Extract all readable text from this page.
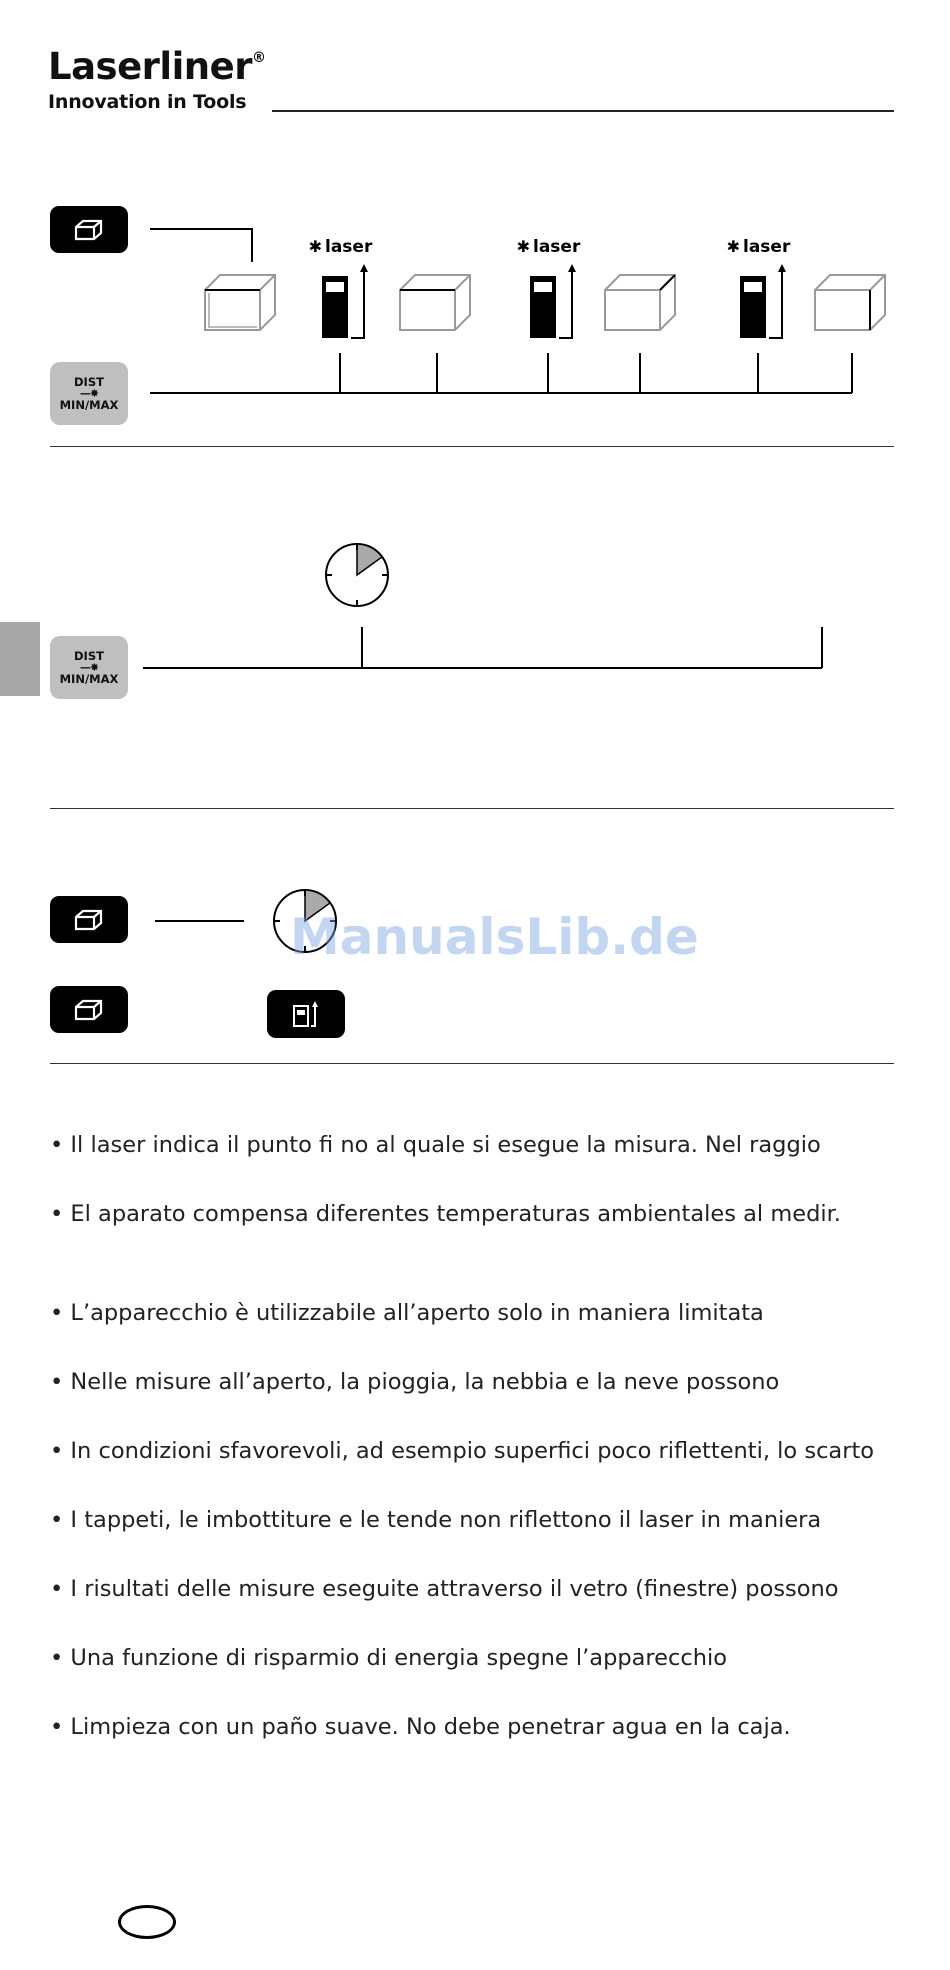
Laserliner®
Innovation in Tools
DIST
—✸
MIN/MAX
laser	laser	laser
✱	✱	✱
DIST
—✸
MIN/MAX
ManualsLib.de
• Il laser indica il punto fi no al quale si esegue la misura. Nel raggio
• El aparato compensa diferentes temperaturas ambientales al medir.
• L’apparecchio è utilizzabile all’aperto solo in maniera limitata
• Nelle misure all’aperto, la pioggia, la nebbia e la neve possono
• In condizioni sfavorevoli, ad esempio superfici poco riflettenti, lo scarto
• I tappeti, le imbottiture e le tende non riflettono il laser in maniera
• I risultati delle misure eseguite attraverso il vetro (finestre) possono
• Una funzione di risparmio di energia spegne l’apparecchio
• Limpieza con un paño suave. No debe penetrar agua en la caja.
